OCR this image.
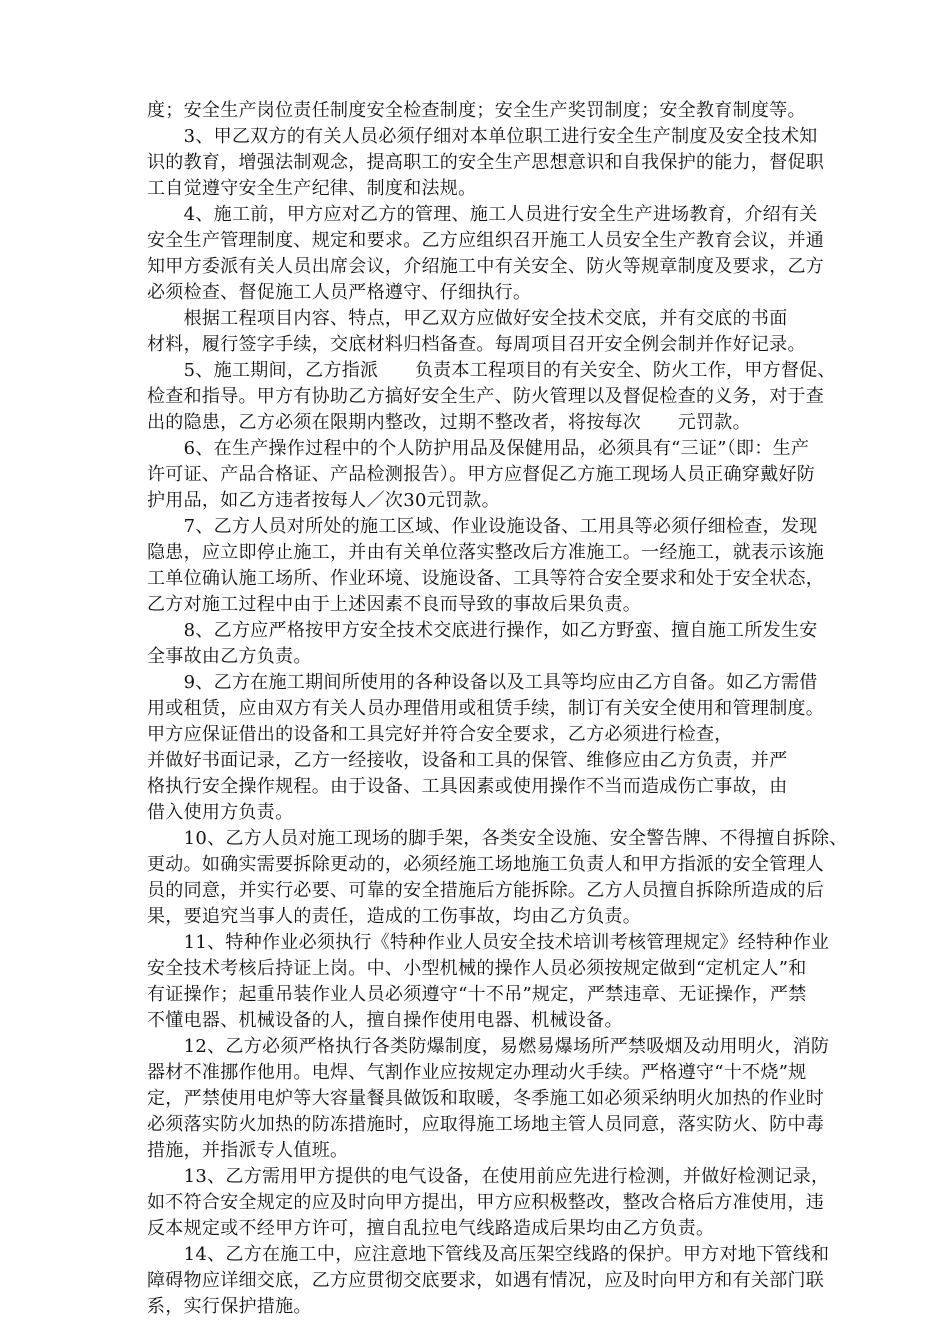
度；安全生产岗位责任制度安全检查制度；安全生产奖罚制度；安全教育制度等。
　　3、甲乙双方的有关人员必须仔细对本单位职工进行安全生产制度及安全技术知
识的教育，增强法制观念，提高职工的安全生产思想意识和自我保护的能力，督促职
工自觉遵守安全生产纪律、制度和法规。
　　4、施工前，甲方应对乙方的管理、施工人员进行安全生产进场教育，介绍有关
安全生产管理制度、规定和要求。乙方应组织召开施工人员安全生产教育会议，并通
知甲方委派有关人员出席会议，介绍施工中有关安全、防火等规章制度及要求，乙方
必须检查、督促施工人员严格遵守、仔细执行。
　　根据工程项目内容、特点，甲乙双方应做好安全技术交底，并有交底的书面
材料，履行签字手续，交底材料归档备查。每周项目召开安全例会制并作好记录。
　　5、施工期间，乙方指派　　负责本工程项目的有关安全、防火工作，甲方督促、
检查和指导。甲方有协助乙方搞好安全生产、防火管理以及督促检查的义务，对于查
出的隐患，乙方必须在限期内整改，过期不整改者，将按每次　　元罚款。
　　6、在生产操作过程中的个人防护用品及保健用品，必须具有“三证”（即：生产
许可证、产品合格证、产品检测报告）。甲方应督促乙方施工现场人员正确穿戴好防
护用品，如乙方违者按每人／次30元罚款。
　　7、乙方人员对所处的施工区域、作业设施设备、工用具等必须仔细检查，发现
隐患，应立即停止施工，并由有关单位落实整改后方准施工。一经施工，就表示该施
工单位确认施工场所、作业环境、设施设备、工具等符合安全要求和处于安全状态，
乙方对施工过程中由于上述因素不良而导致的事故后果负责。
　　8、乙方应严格按甲方安全技术交底进行操作，如乙方野蛮、擅自施工所发生安
全事故由乙方负责。
　　9、乙方在施工期间所使用的各种设备以及工具等均应由乙方自备。如乙方需借
用或租赁，应由双方有关人员办理借用或租赁手续，制订有关安全使用和管理制度。
甲方应保证借出的设备和工具完好并符合安全要求，乙方必须进行检查，
并做好书面记录，乙方一经接收，设备和工具的保管、维修应由乙方负责，并严
格执行安全操作规程。由于设备、工具因素或使用操作不当而造成伤亡事故，由
借入使用方负责。
　　10、乙方人员对施工现场的脚手架，各类安全设施、安全警告牌、不得擅自拆除、
更动。如确实需要拆除更动的，必须经施工场地施工负责人和甲方指派的安全管理人
员的同意，并实行必要、可靠的安全措施后方能拆除。乙方人员擅自拆除所造成的后
果，要追究当事人的责任，造成的工伤事故，均由乙方负责。
　　11、特种作业必须执行《特种作业人员安全技术培训考核管理规定》经特种作业
安全技术考核后持证上岗。中、小型机械的操作人员必须按规定做到“定机定人”和
有证操作；起重吊装作业人员必须遵守“十不吊”规定，严禁违章、无证操作，严禁
不懂电器、机械设备的人，擅自操作使用电器、机械设备。
　　12、乙方必须严格执行各类防爆制度，易燃易爆场所严禁吸烟及动用明火，消防
器材不准挪作他用。电焊、气割作业应按规定办理动火手续。严格遵守“十不烧”规
定，严禁使用电炉等大容量餐具做饭和取暖，冬季施工如必须采纳明火加热的作业时
必须落实防火加热的防冻措施时，应取得施工场地主管人员同意，落实防火、防中毒
措施，并指派专人值班。
　　13、乙方需用甲方提供的电气设备，在使用前应先进行检测，并做好检测记录，
如不符合安全规定的应及时向甲方提出，甲方应积极整改，整改合格后方准使用，违
反本规定或不经甲方许可，擅自乱拉电气线路造成后果均由乙方负责。
　　14、乙方在施工中，应注意地下管线及高压架空线路的保护。甲方对地下管线和
障碍物应详细交底，乙方应贯彻交底要求，如遇有情况，应及时向甲方和有关部门联
系，实行保护措施。
